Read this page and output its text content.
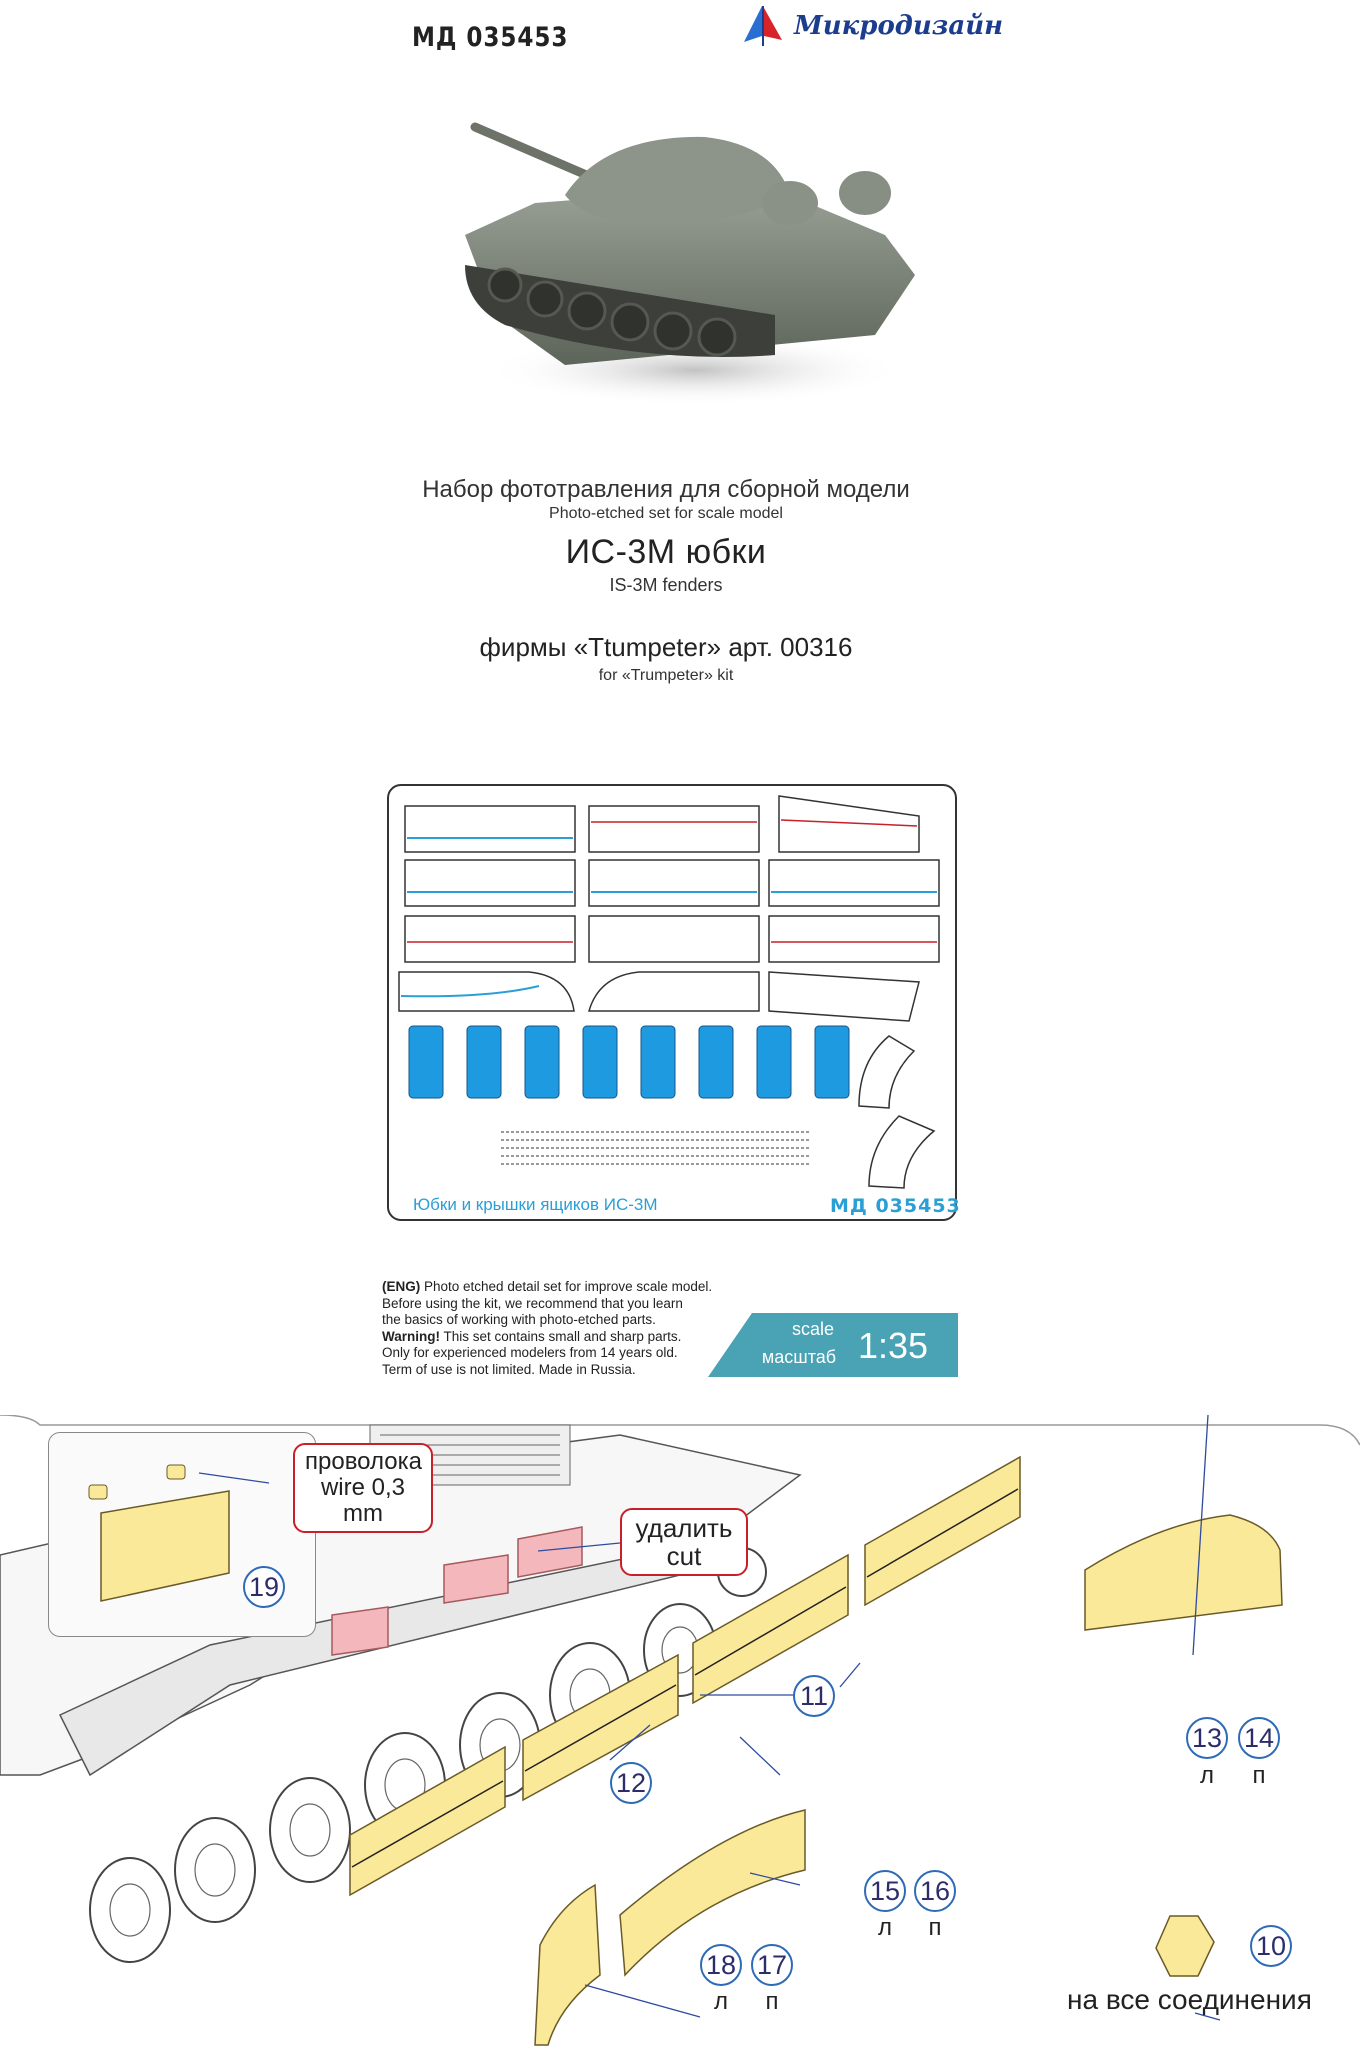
МД 035453	Микродизайн
Набор фототравления для сборной модели
Photo-etched set for scale model
ИС-3М юбки
IS-3M fenders
фирмы «Ttumpeter» арт. 00316
for «Trumpeter» kit
Юбки и крышки ящиков ИС-3М	МД 035453
(ENG) Photo etched detail set for improve scale model.
Before using the kit, we recommend that you learn
the basics of working with photo-etched parts.
Warning! This set contains small and sharp parts.
Only for experienced modelers from 14 years old.
Term of use is not limited. Made in Russia.
scale
масштаб 1:35
проволока
wire 0,3 mm	удалить
cut
19
11
12
13 14
15 16
18 17
10
л	п
л	п
л	п	на все соединения
